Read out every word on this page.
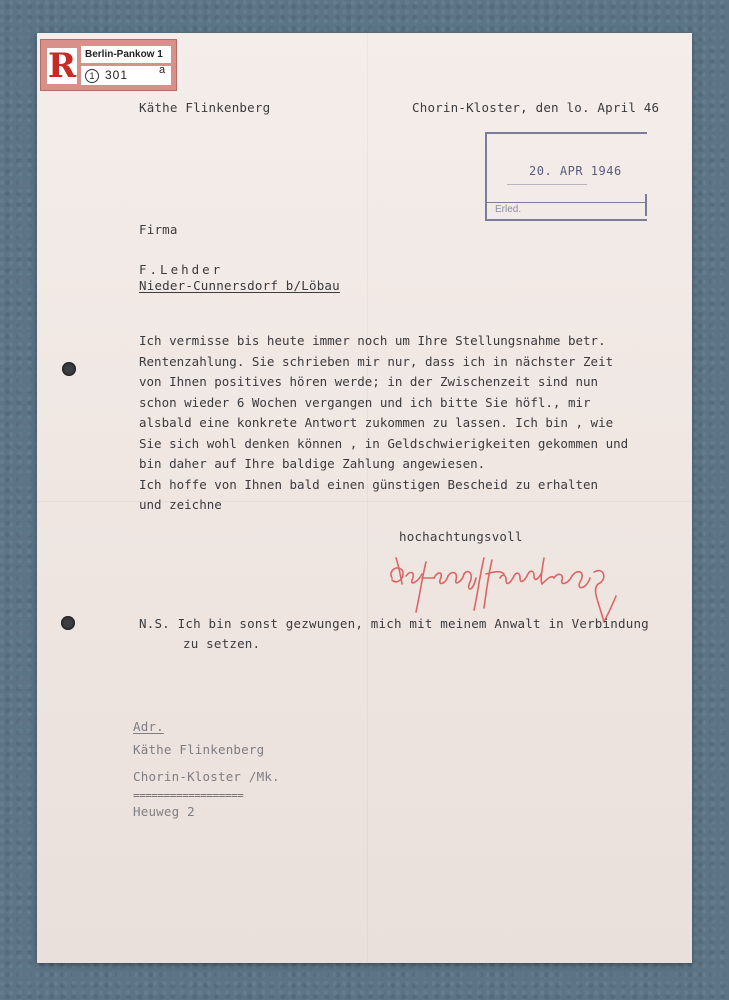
R Berlin-Pankow 1
1 301	a
Käthe Flinkenberg	Chorin-Kloster, den lo. April 46
20. APR 1946
Erled.
Firma
F.Lehder
Nieder-Cunnersdorf b/Löbau
Ich vermisse bis heute immer noch um Ihre Stellungsnahme betr.
Rentenzahlung. Sie schrieben mir nur, dass ich in nächster Zeit
von Ihnen positives hören werde; in der Zwischenzeit sind nun
schon wieder 6 Wochen vergangen und ich bitte Sie höfl., mir
alsbald eine konkrete Antwort zukommen zu lassen. Ich bin , wie
Sie sich wohl denken können , in Geldschwierigkeiten gekommen und
bin daher auf Ihre baldige Zahlung angewiesen.
Ich hoffe von Ihnen bald einen günstigen Bescheid zu erhalten
und zeichne
hochachtungsvoll
N.S. Ich bin sonst gezwungen, mich mit meinem Anwalt in Verbindung
zu setzen.
Adr.
Käthe Flinkenberg
Chorin-Kloster /Mk.
==================
Heuweg 2
